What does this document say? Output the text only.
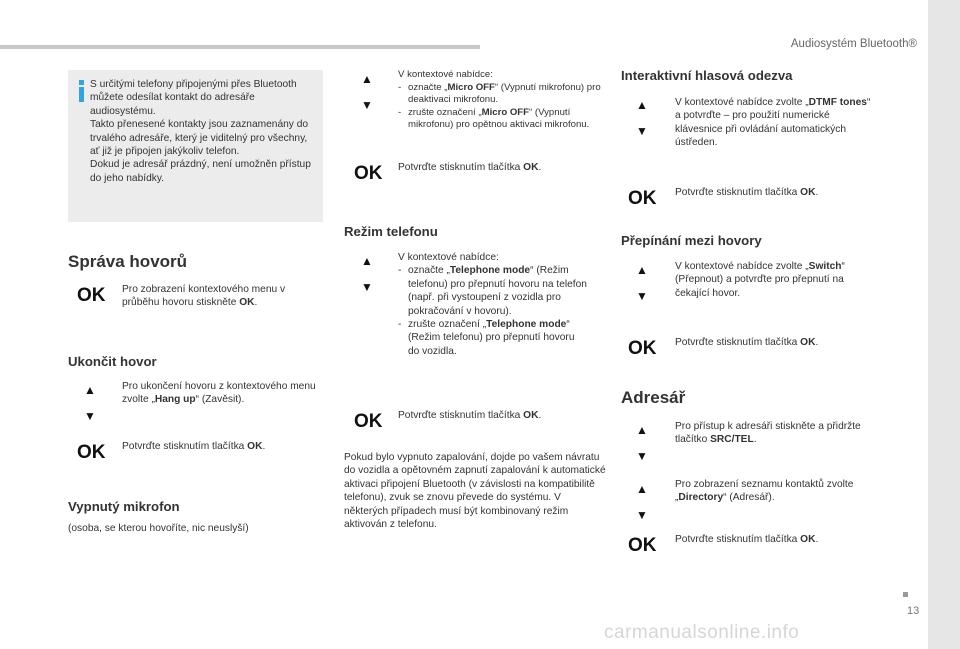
Audiosystém Bluetooth®
13
carmanualsonline.info
S určitými telefony připojenými přes Bluetooth můžete odesílat kontakt do adresáře audiosystému.
Takto přenesené kontakty jsou zaznamenány do trvalého adresáře, který je viditelný pro všechny, ať již je připojen jakýkoliv telefon.
Dokud je adresář prázdný, není umožněn přístup do jeho nabídky.
Správa hovorů
OK Pro zobrazení kontextového menu v průběhu hovoru stiskněte OK.
Ukončit hovor
▲
▼
Pro ukončení hovoru z kontextového menu zvolte „Hang up“ (Zavěsit).
OK Potvrďte stisknutím tlačítka OK.
Vypnutý mikrofon
(osoba, se kterou hovoříte, nic neuslyší)
▲
▼
V kontextové nabídce:
- označte „Micro OFF“ (Vypnutí mikrofonu) pro deaktivaci mikrofonu.
- zrušte označení „Micro OFF“ (Vypnutí mikrofonu) pro opětnou aktivaci mikrofonu.
OK Potvrďte stisknutím tlačítka OK.
Režim telefonu
▲
▼
V kontextové nabídce:
- označte „Telephone mode“ (Režim telefonu) pro přepnutí hovoru na telefon (např. při vystoupení z vozidla pro pokračování v hovoru).
- zrušte označení „Telephone mode“ (Režim telefonu) pro přepnutí hovoru do vozidla.
OK Potvrďte stisknutím tlačítka OK.
Pokud bylo vypnuto zapalování, dojde po vašem návratu do vozidla a opětovném zapnutí zapalování k automatické aktivaci připojení Bluetooth (v závislosti na kompatibilitě telefonu), zvuk se znovu převede do systému. V některých případech musí být kombinovaný režim aktivován z telefonu.
Interaktivní hlasová odezva
▲
▼
V kontextové nabídce zvolte „DTMF tones“ a potvrďte – pro použití numerické klávesnice při ovládání automatických ústředen.
OK Potvrďte stisknutím tlačítka OK.
Přepínání mezi hovory
▲
▼
V kontextové nabídce zvolte „Switch“ (Přepnout) a potvrďte pro přepnutí na čekající hovor.
OK Potvrďte stisknutím tlačítka OK.
Adresář
▲
▼
Pro přístup k adresáři stiskněte a přidržte tlačítko SRC/TEL.
▲
▼
Pro zobrazení seznamu kontaktů zvolte „Directory“ (Adresář).
OK Potvrďte stisknutím tlačítka OK.
